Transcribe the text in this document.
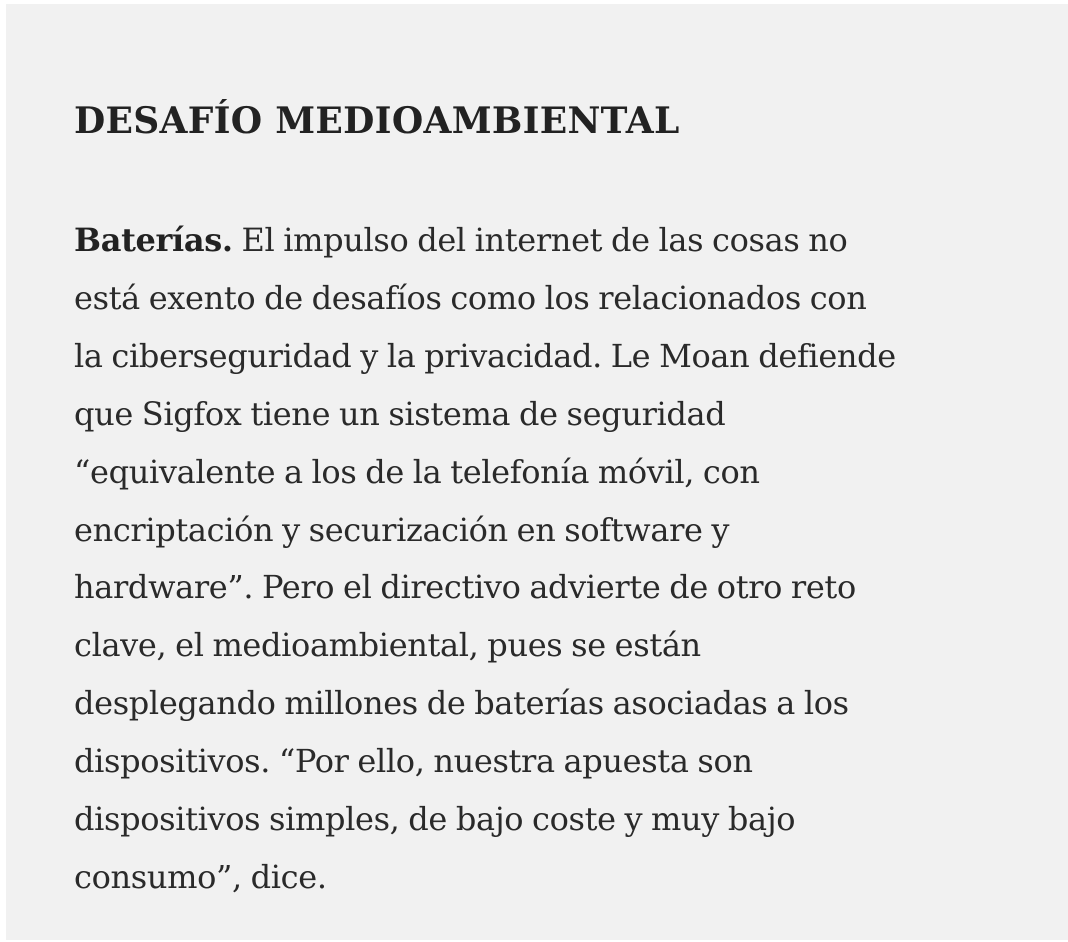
DESAFÍO MEDIOAMBIENTAL

Baterías. El impulso del internet de las cosas no
está exento de desafíos como los relacionados con
la ciberseguridad y la privacidad. Le Moan defiende
que Sigfox tiene un sistema de seguridad
“equivalente a los de la telefonía móvil, con
encriptación y securización en software y
hardware”. Pero el directivo advierte de otro reto
clave, el medioambiental, pues se están
desplegando millones de baterías asociadas a los
dispositivos. “Por ello, nuestra apuesta son
dispositivos simples, de bajo coste y muy bajo
consumo”, dice.
